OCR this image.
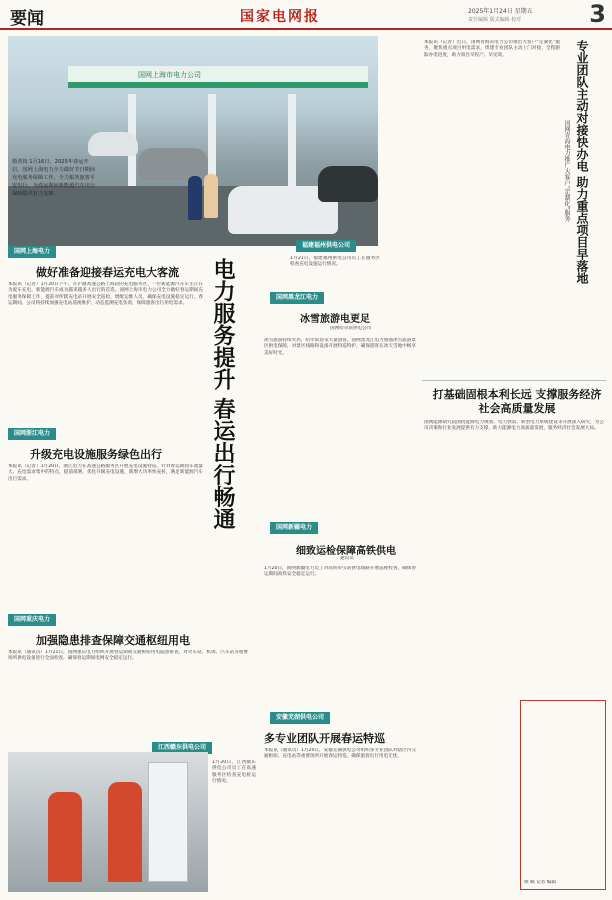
要闻	国家电网报	2025年1月24日 星期五
责任编辑 版式编辑 校对	3
国网上海市电力公司
摄者按 1月16日，2025年春运开启，国网上海电力全力做好节日期间充电服务保障工作，全力服务旅客平安出行，为春运期间新能源汽车出行保障提供有力支撑。
福建福州供电公司
1月21日，福建福州供电公司员工在服务区检查充电设施运行情况。
国网上海电力
做好准备迎接春运充电大客流
本报讯（记者）1月20日下午，在沪渝高速公路上海段的充电服务区，一位新能源汽车车主正在为爱车充电，新能源汽车成为越来越多人出行的首选。国网上海市电力公司全力做好春运期间充电服务保障工作，提前对所辖充电站开展安全巡检，增配运维人员，确保充电设施稳定运行。春运期间，公司将持续加强充电站巡视维护，动态监测充电负荷，保障旅客出行用电需求。	电力服务提升 春运出行畅通
国网浙江电力
升级充电设施服务绿色出行
本报讯（记者）1月20日，浙江电力在高速公路服务区开展充电设施特巡，针对春运期间车流量大、充电需求集中的特点，提前部署，优化升级充电设施，新增大功率快充桩，满足新能源汽车出行需求。
国网重庆电力
加强隐患排查保障交通枢纽用电
本报讯（通讯员）1月21日，国网重庆电力组织开展春运期间交通枢纽用电隐患排查，对火车站、机场、汽车站等重要场所供电设备进行全面检查，确保春运期间电网安全稳定运行。
江西赣东供电公司
1月20日，江西赣东供电公司员工在高速服务区检查充电桩运行情况。
国网黑龙江电力
冰雪旅游电更足
国网哈尔滨供电公司
冰雪旅游持续火热，哈尔滨迎来大量游客。国网黑龙江电力加强冰雪旅游景区供电保障，对景区线路和设备开展特巡特护，确保游客在冰天雪地中畅享美好时光。
国网新疆电力
细致运检保障高铁供电
通讯员
1月20日，国网新疆电力员工对高铁牵引站供电线路开展巡视检查，确保春运期间高铁安全稳定运行。
安徽芜湖供电公司
多专业团队开展春运特巡
本报讯（通讯员）1月20日，安徽芜湖供电公司组织多专业团队对辖区内交通枢纽、充电站等重要场所开展春运特巡，确保旅客出行用电无忧。
本报讯（记者）近日，国网青海省电力公司推出大客户“定制化”服务，聚焦重点项目用电需求，组建专业团队主动上门对接，全程跟踪办电进度，助力项目早投产、早见效。	专业团队主动对接快办电 助力重点项目早落地
国网青海电力推广大客户"定制化"服务
打基础固根本利长远 支撑服务经济社会高质量发展
国网能源研究院围绕能源电力规划、电力供需、新型电力系统建设等开展深入研究，为公司决策和行业发展提供有力支撑，助力能源电力高质量发展，服务经济社会发展大局。
撰 稿 记者 编辑
